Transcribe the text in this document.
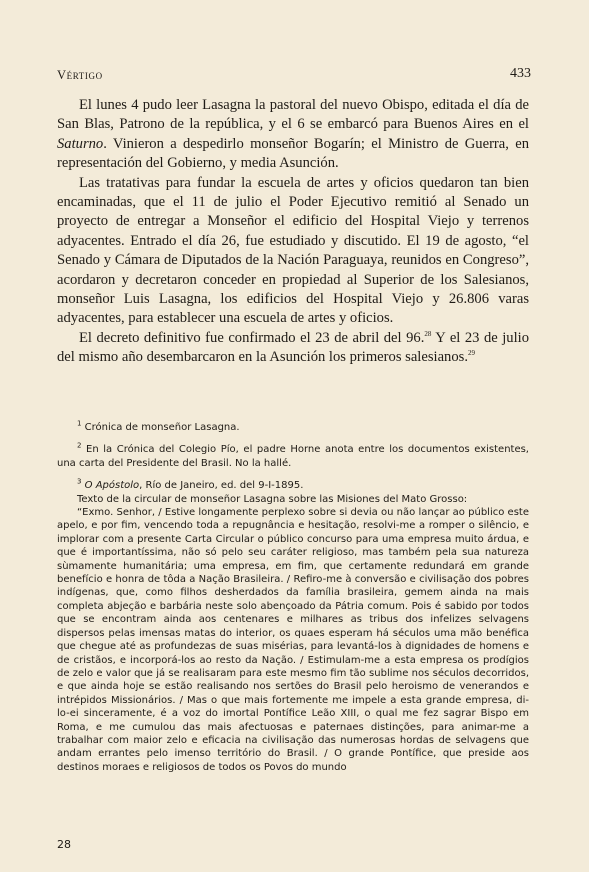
Vértigo	433

El lunes 4 pudo leer Lasagna la pastoral del nuevo Obispo, editada el día de San Blas, Patrono de la república, y el 6 se embarcó para Buenos Aires en el Saturno. Vinieron a despedirlo monseñor Bogarín; el Ministro de Guerra, en representación del Gobierno, y media Asunción.

Las tratativas para fundar la escuela de artes y oficios quedaron tan bien encaminadas, que el 11 de julio el Poder Ejecutivo remitió al Senado un proyecto de entregar a Monseñor el edificio del Hospital Viejo y terrenos adyacentes. Entrado el día 26, fue estudiado y discutido. El 19 de agosto, “el Senado y Cámara de Diputados de la Nación Paraguaya, reunidos en Congreso”, acordaron y decretaron conceder en propiedad al Superior de los Salesianos, monseñor Luis Lasagna, los edificios del Hospital Viejo y 26.806 varas adyacentes, para establecer una escuela de artes y oficios.

El decreto definitivo fue confirmado el 23 de abril del 96.28 Y el 23 de julio del mismo año desembarcaron en la Asunción los primeros salesianos.$^{29}$

$^1$ Crónica de monseñor Lasagna.

$^2$ En la Crónica del Colegio Pío, el padre Horne anota entre los documentos existentes, una carta del Presidente del Brasil. No la hallé.

$^3$ O Apóstolo, Río de Janeiro, ed. del 9-I-1895.

Texto de la circular de monseñor Lasagna sobre las Misiones del Mato Grosso:

“Exmo. Senhor, / Estive longamente perplexo sobre si devia ou não lançar ao público este apelo, e por fim, vencendo toda a repugnância e hesitação, resolvi-me a romper o silêncio, e implorar com a presente Carta Circular o público concurso para uma empresa muito árdua, e que é importantíssima, não só pelo seu caráter religioso, mas também pela sua natureza sùmamente humanitária; uma empresa, em fim, que certamente redundará em grande benefício e honra de tôda a Nação Brasileira. / Refiro-me à conversão e civilisação dos pobres indígenas, que, como filhos desherdados da família brasileira, gemem ainda na mais completa abjeção e barbária neste solo abençoado da Pátria comum. Pois é sabido por todos que se encontram ainda aos centenares e milhares as tribus dos infelizes selvagens dispersos pelas imensas matas do interior, os quaes esperam há séculos uma mão benéfica que chegue até as profundezas de suas misérias, para levantá-los à dignidades de homens e de cristãos, e incorporá-los ao resto da Nação. / Estimulam-me a esta empresa os prodígios de zelo e valor que já se realisaram para este mesmo fim tão sublime nos séculos decorridos, e que ainda hoje se estão realisando nos sertões do Brasil pelo heroismo de venerandos e intrépidos Missionários. / Mas o que mais fortemente me impele a esta grande empresa, di-lo-ei sinceramente, é a voz do imortal Pontífice Leão XIII, o qual me fez sagrar Bispo em Roma, e me cumulou das mais afectuosas e paternaes distinções, para animar-me a trabalhar com maior zelo e eficacia na civilisação das numerosas hordas de selvagens que andam errantes pelo imenso território do Brasil. / O grande Pontífice, que preside aos destinos moraes e religiosos de todos os Povos do mundo

28
